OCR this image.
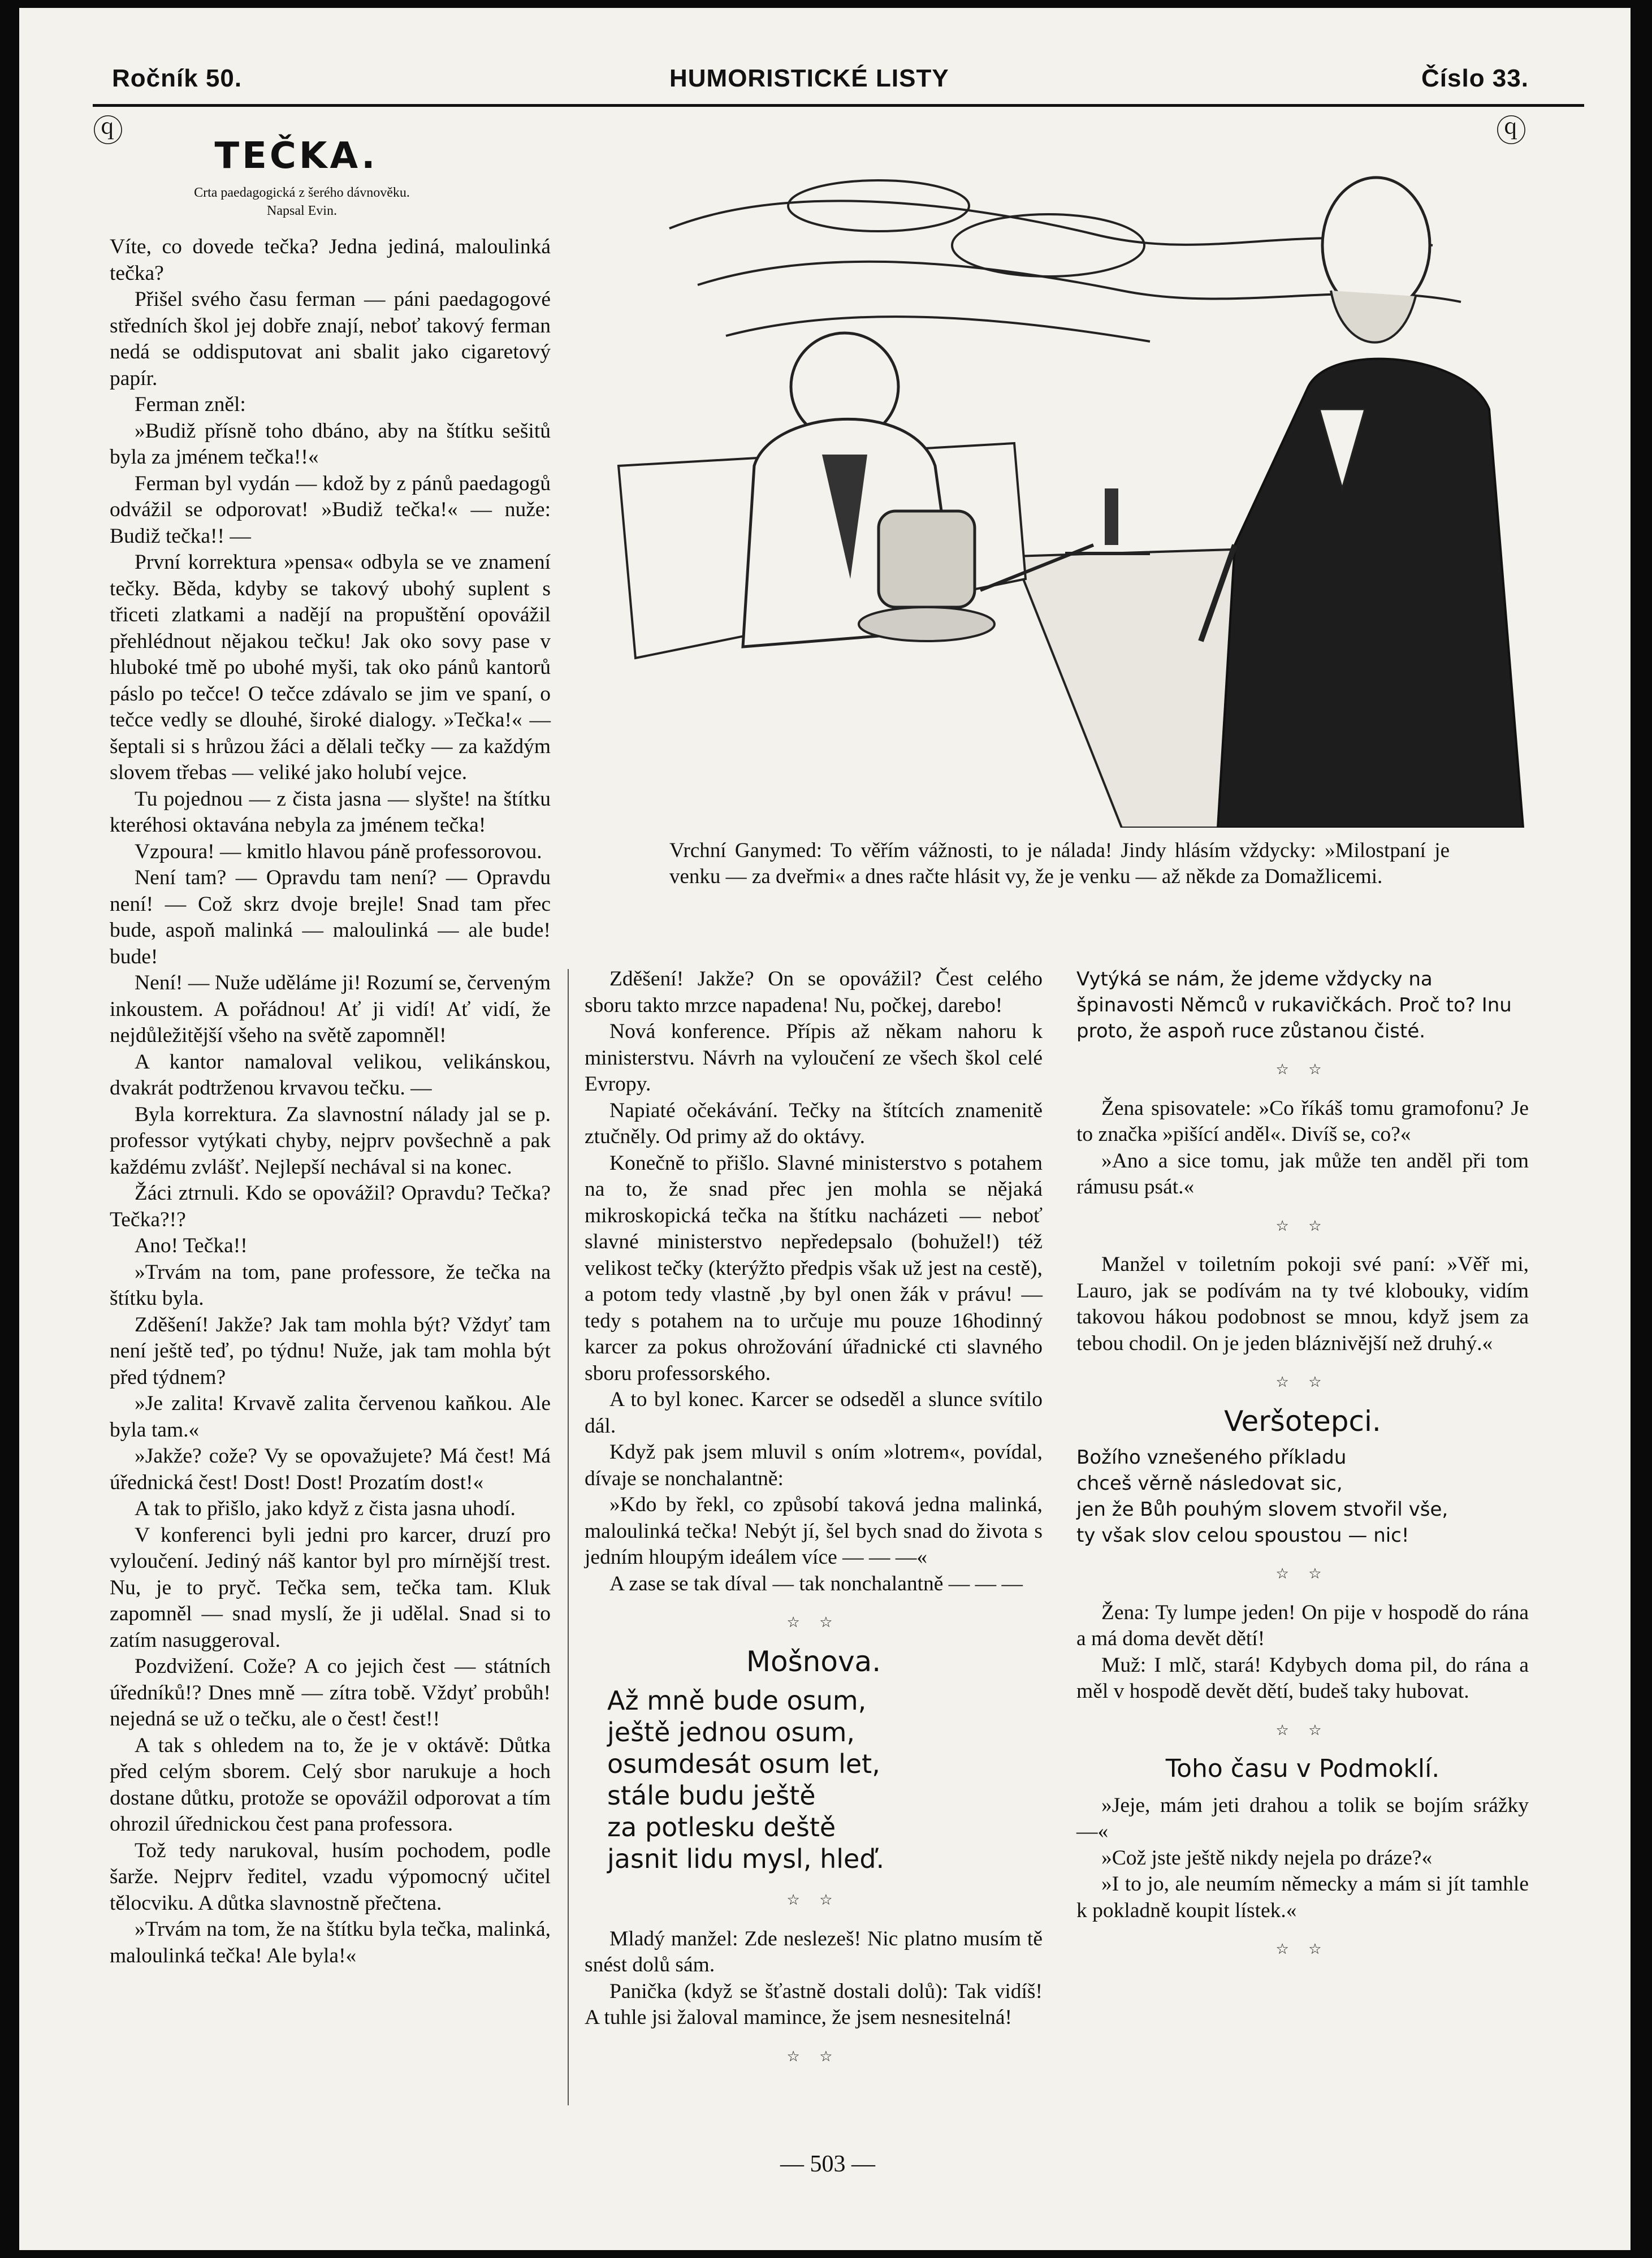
Ročník 50.	HUMORISTICKÉ LISTY	Číslo 33.
ⓠ	ⓠ
TEČKA.
Crta paedagogická z šerého dávnověku.
Napsal Evin.

Víte, co dovede tečka? Jedna jediná, maloulinká tečka?

Přišel svého času ferman — páni paedagogové středních škol jej dobře znají, neboť takový ferman nedá se oddisputovat ani sbalit jako cigaretový papír.

Ferman zněl:

»Budiž přísně toho dbáno, aby na štítku sešitů byla za jménem tečka!!«

Ferman byl vydán — kdož by z pánů paedagogů odvážil se odporovat! »Budiž tečka!« — nuže: Budiž tečka!! —

První korrektura »pensa« odbyla se ve znamení tečky. Běda, kdyby se takový ubohý suplent s třiceti zlatkami a nadějí na propuštění opovážil přehlédnout nějakou tečku! Jak oko sovy pase v hluboké tmě po ubohé myši, tak oko pánů kantorů páslo po tečce! O tečce zdávalo se jim ve spaní, o tečce vedly se dlouhé, široké dialogy. »Tečka!« — šeptali si s hrůzou žáci a dělali tečky — za každým slovem třebas — veliké jako holubí vejce.

Tu pojednou — z čista jasna — slyšte! na štítku kteréhosi oktavána nebyla za jménem tečka!

Vzpoura! — kmitlo hlavou páně professorovou.

Není tam? — Opravdu tam není? — Opravdu není! — Což skrz dvoje brejle! Snad tam přec bude, aspoň malinká — maloulinká — ale bude! bude!

Není! — Nuže uděláme ji! Rozumí se, červeným inkoustem. A pořádnou! Ať ji vidí! Ať vidí, že nejdůležitější všeho na světě zapomněl!

A kantor namaloval velikou, velikánskou, dvakrát podtrženou krvavou tečku. —

Byla korrektura. Za slavnostní nálady jal se p. professor vytýkati chyby, nejprv povšechně a pak každému zvlášť. Nejlepší nechával si na konec.

Žáci ztrnuli. Kdo se opovážil? Opravdu? Tečka? Tečka?!?

Ano! Tečka!!

»Trvám na tom, pane professore, že tečka na štítku byla.

Zděšení! Jakže? Jak tam mohla být? Vždyť tam není ještě teď, po týdnu! Nuže, jak tam mohla být před týdnem?

»Je zalita! Krvavě zalita červenou kaňkou. Ale byla tam.«

»Jakže? cože? Vy se opovažujete? Má čest! Má úřednická čest! Dost! Dost! Prozatím dost!«

A tak to přišlo, jako když z čista jasna uhodí.

V konferenci byli jedni pro karcer, druzí pro vyloučení. Jediný náš kantor byl pro mírnější trest. Nu, je to pryč. Tečka sem, tečka tam. Kluk zapomněl — snad myslí, že ji udělal. Snad si to zatím nasuggeroval.

Pozdvižení. Cože? A co jejich čest — státních úředníků!? Dnes mně — zítra tobě. Vždyť probůh! nejedná se už o tečku, ale o čest! čest!!

A tak s ohledem na to, že je v oktávě: Důtka před celým sborem. Celý sbor narukuje a hoch dostane důtku, protože se opovážil odporovat a tím ohrozil úřednickou čest pana professora.

Tož tedy narukoval, husím pochodem, podle šarže. Nejprv ředitel, vzadu výpomocný učitel tělocviku. A důtka slavnostně přečtena.

»Trvám na tom, že na štítku byla tečka, malinká, maloulinká tečka! Ale byla!«

Vrchní Ganymed: To věřím vážnosti, to je nálada! Jindy hlásím vždycky: »Milostpaní je venku — za dveřmi« a dnes račte hlásit vy, že je venku — až někde za Domažlicemi.

Zděšení! Jakže? On se opovážil? Čest celého sboru takto mrzce napadena! Nu, počkej, darebo!

Nová konference. Přípis až někam nahoru k ministerstvu. Návrh na vyloučení ze všech škol celé Evropy.

Napiaté očekávání. Tečky na štítcích znamenitě ztučněly. Od primy až do oktávy.

Konečně to přišlo. Slavné ministerstvo s potahem na to, že snad přec jen mohla se nějaká mikroskopická tečka na štítku nacházeti — neboť slavné ministerstvo nepředepsalo (bohužel!) též velikost tečky (kterýžto předpis však už jest na cestě), a potom tedy vlastně ,by byl onen žák v právu! — tedy s potahem na to určuje mu pouze 16hodinný karcer za pokus ohrožování úřadnické cti slavného sboru professorského.

A to byl konec. Karcer se odseděl a slunce svítilo dál.

Když pak jsem mluvil s oním »lotrem«, povídal, dívaje se nonchalantně:

»Kdo by řekl, co způsobí taková jedna malinká, maloulinká tečka! Nebýt jí, šel bych snad do života s jedním hloupým ideálem více — — —«

A zase se tak díval — tak nonchalantně — — —

☆ ☆

Mošnova.

Až mně bude osum,

ještě jednou osum,

osumdesát osum let,

stále budu ještě

za potlesku deště

jasnit lidu mysl, hleď.

☆ ☆

Mladý manžel: Zde neslezeš! Nic platno musím tě snést dolů sám.

Panička (když se šťastně dostali dolů): Tak vidíš! A tuhle jsi žaloval mamince, že jsem nesnesitelná!

☆ ☆

Vytýká se nám, že jdeme vždycky na špinavosti Němců v rukavičkách. Proč to? Inu proto, že aspoň ruce zůstanou čisté.

☆ ☆

Žena spisovatele: »Co říkáš tomu gramofonu? Je to značka »pišící anděl«. Divíš se, co?«

»Ano a sice tomu, jak může ten anděl při tom rámusu psát.«

☆ ☆

Manžel v toiletním pokoji své paní: »Věř mi, Lauro, jak se podívám na ty tvé klobouky, vidím takovou hákou podobnost se mnou, když jsem za tebou chodil. On je jeden bláznivější než druhý.«

☆ ☆

Veršotepci.

Božího vznešeného příkladu

chceš věrně následovat sic,

jen že Bůh pouhým slovem stvořil vše,

ty však slov celou spoustou — nic!

☆ ☆

Žena: Ty lumpe jeden! On pije v hospodě do rána a má doma devět dětí!

Muž: I mlč, stará! Kdybych doma pil, do rána a měl v hospodě devět dětí, budeš taky hubovat.

☆ ☆

Toho času v Podmoklí.

»Jeje, mám jeti drahou a tolik se bojím srážky —«

»Což jste ještě nikdy nejela po dráze?«

»I to jo, ale neumím německy a mám si jít tamhle k pokladně koupit lístek.«

☆ ☆

— 503 —
